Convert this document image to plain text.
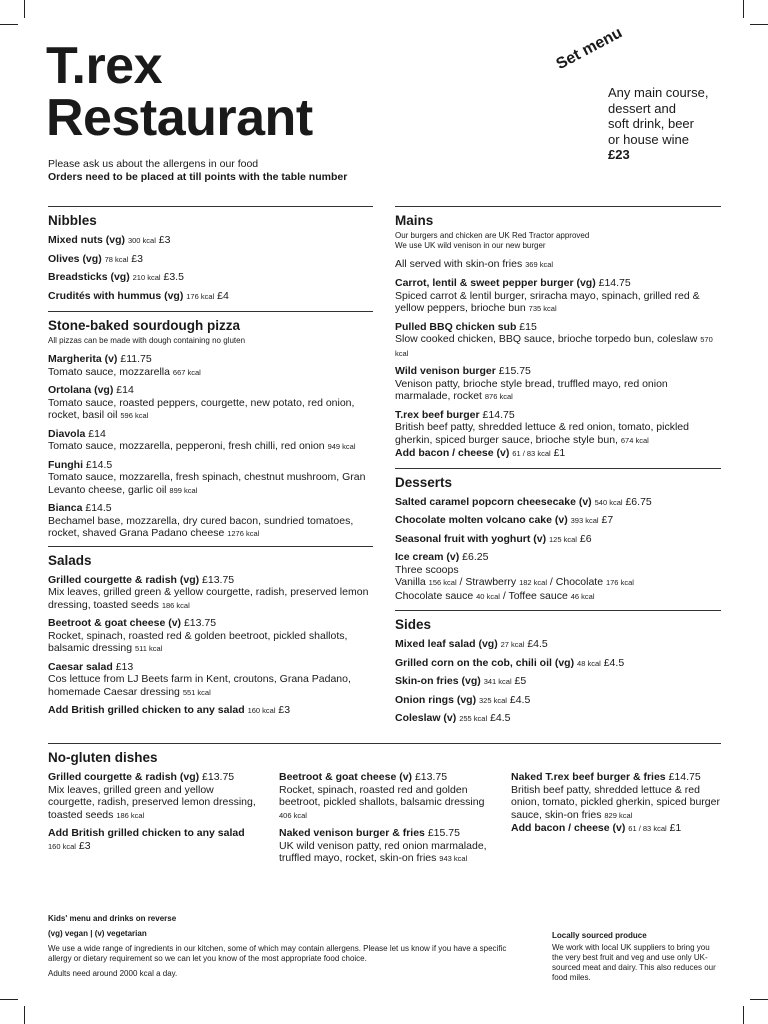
T.rex
Restaurant
Please ask us about the allergens in our food
Orders need to be placed at till points with the table number
Set menu
Any main course,
dessert and
soft drink, beer
or house wine
£23
Nibbles
Mixed nuts (vg) 300 kcal £3
Olives (vg) 78 kcal £3
Breadsticks (vg) 210 kcal £3.5
Crudités with hummus (vg) 176 kcal £4
Stone-baked sourdough pizza
All pizzas can be made with dough containing no gluten
Margherita (v) £11.75
Tomato sauce, mozzarella 667 kcal
Ortolana (vg) £14
Tomato sauce, roasted peppers, courgette, new potato, red onion, rocket, basil oil 596 kcal
Diavola £14
Tomato sauce, mozzarella, pepperoni, fresh chilli, red onion 949 kcal
Funghi £14.5
Tomato sauce, mozzarella, fresh spinach, chestnut mushroom, Gran Levanto cheese, garlic oil 899 kcal
Bianca £14.5
Bechamel base, mozzarella, dry cured bacon, sundried tomatoes, rocket, shaved Grana Padano cheese 1276 kcal
Salads
Grilled courgette & radish (vg) £13.75
Mix leaves, grilled green & yellow courgette, radish, preserved lemon dressing, toasted seeds 186 kcal
Beetroot & goat cheese (v) £13.75
Rocket, spinach, roasted red & golden beetroot, pickled shallots, balsamic dressing 511 kcal
Caesar salad £13
Cos lettuce from LJ Beets farm in Kent, croutons, Grana Padano, homemade Caesar dressing 551 kcal
Add British grilled chicken to any salad 160 kcal £3
Mains
Our burgers and chicken are UK Red Tractor approved
We use UK wild venison in our new burger
All served with skin-on fries 369 kcal
Carrot, lentil & sweet pepper burger (vg) £14.75
Spiced carrot & lentil burger, sriracha mayo, spinach, grilled red & yellow peppers, brioche bun 735 kcal
Pulled BBQ chicken sub £15
Slow cooked chicken, BBQ sauce, brioche torpedo bun, coleslaw 570 kcal
Wild venison burger £15.75
Venison patty, brioche style bread, truffled mayo, red onion marmalade, rocket 876 kcal
T.rex beef burger £14.75
British beef patty, shredded lettuce & red onion, tomato, pickled gherkin, spiced burger sauce, brioche style bun, 674 kcal
Add bacon / cheese (v) 61 / 83 kcal £1
Desserts
Salted caramel popcorn cheesecake (v) 540 kcal £6.75
Chocolate molten volcano cake (v) 393 kcal £7
Seasonal fruit with yoghurt (v) 125 kcal £6
Ice cream (v) £6.25
Three scoops
Vanilla 156 kcal / Strawberry 182 kcal / Chocolate 176 kcal
Chocolate sauce 40 kcal / Toffee sauce 46 kcal
Sides
Mixed leaf salad (vg) 27 kcal £4.5
Grilled corn on the cob, chili oil (vg) 48 kcal £4.5
Skin-on fries (vg) 341 kcal £5
Onion rings (vg) 325 kcal £4.5
Coleslaw (v) 255 kcal £4.5
No-gluten dishes
Grilled courgette & radish (vg) £13.75
Mix leaves, grilled green and yellow courgette, radish, preserved lemon dressing, toasted seeds 186 kcal
Add British grilled chicken to any salad
160 kcal £3
Beetroot & goat cheese (v) £13.75
Rocket, spinach, roasted red and golden beetroot, pickled shallots, balsamic dressing 406 kcal
Naked venison burger & fries £15.75
UK wild venison patty, red onion marmalade, truffled mayo, rocket, skin-on fries 943 kcal
Naked T.rex beef burger & fries £14.75
British beef patty, shredded lettuce & red onion, tomato, pickled gherkin, spiced burger sauce, skin-on fries 829 kcal
Add bacon / cheese (v) 61 / 83 kcal £1

Kids' menu and drinks on reverse

(vg) vegan | (v) vegetarian

We use a wide range of ingredients in our kitchen, some of which may contain allergens. Please let us know if you have a specific allergy or dietary requirement so we can let you know of the most appropriate food choice.

Adults need around 2000 kcal a day.

Locally sourced produce

We work with local UK suppliers to bring you the very best fruit and veg and use only UK-sourced meat and dairy. This also reduces our food miles.
